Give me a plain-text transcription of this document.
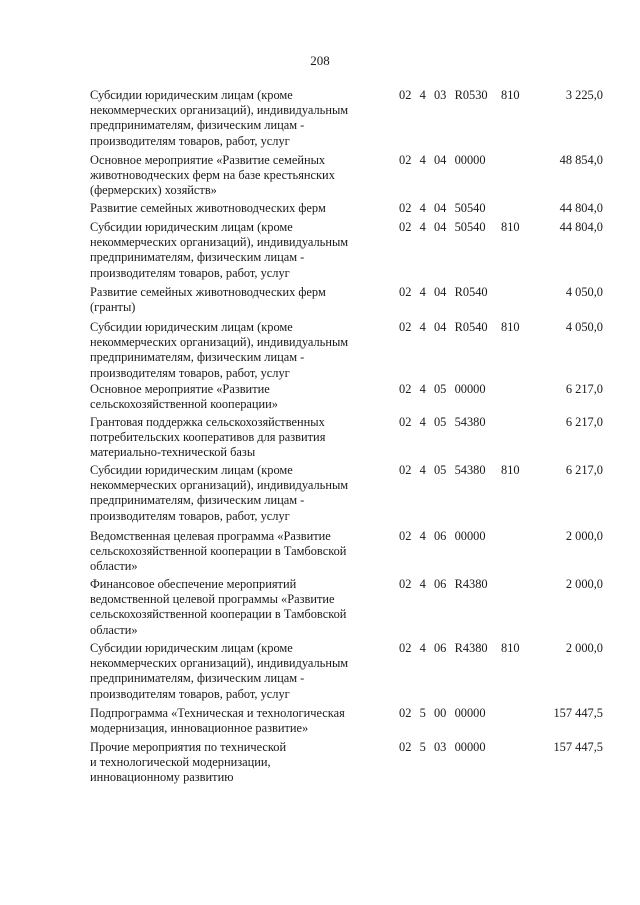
208
Субсидии юридическим лицам (кроме
некоммерческих организаций), индивидуальным
предпринимателям, физическим лицам -
производителям товаров, работ, услуг
02  4  03  R0530	810	3 225,0
Основное мероприятие «Развитие семейных
животноводческих ферм на базе крестьянских
(фермерских) хозяйств»
02  4  04  00000	48 854,0
Развитие семейных животноводческих ферм	02  4  04  50540	44 804,0
Субсидии юридическим лицам (кроме
некоммерческих организаций), индивидуальным
предпринимателям, физическим лицам -
производителям товаров, работ, услуг
02  4  04  50540	810	44 804,0
Развитие семейных животноводческих ферм
(гранты)
02  4  04  R0540	4 050,0
Субсидии юридическим лицам (кроме
некоммерческих организаций), индивидуальным
предпринимателям, физическим лицам -
производителям товаров, работ, услуг
02  4  04  R0540	810	4 050,0
Основное мероприятие «Развитие
сельскохозяйственной кооперации»
02  4  05  00000	6 217,0
Грантовая поддержка сельскохозяйственных
потребительских кооперативов для развития
материально-технической базы
02  4  05  54380	6 217,0
Субсидии юридическим лицам (кроме
некоммерческих организаций), индивидуальным
предпринимателям, физическим лицам -
производителям товаров, работ, услуг
02  4  05  54380	810	6 217,0
Ведомственная целевая программа «Развитие
сельскохозяйственной кооперации в Тамбовской
области»
02  4  06  00000	2 000,0
Финансовое обеспечение мероприятий
ведомственной целевой программы «Развитие
сельскохозяйственной кооперации в Тамбовской
области»
02  4  06  R4380	2 000,0
Субсидии юридическим лицам (кроме
некоммерческих организаций), индивидуальным
предпринимателям, физическим лицам -
производителям товаров, работ, услуг
02  4  06  R4380	810	2 000,0
Подпрограмма «Техническая и технологическая
модернизация, инновационное развитие»
02  5  00  00000	157 447,5
Прочие мероприятия по технической
и технологической модернизации,
инновационному развитию
02  5  03  00000	157 447,5
